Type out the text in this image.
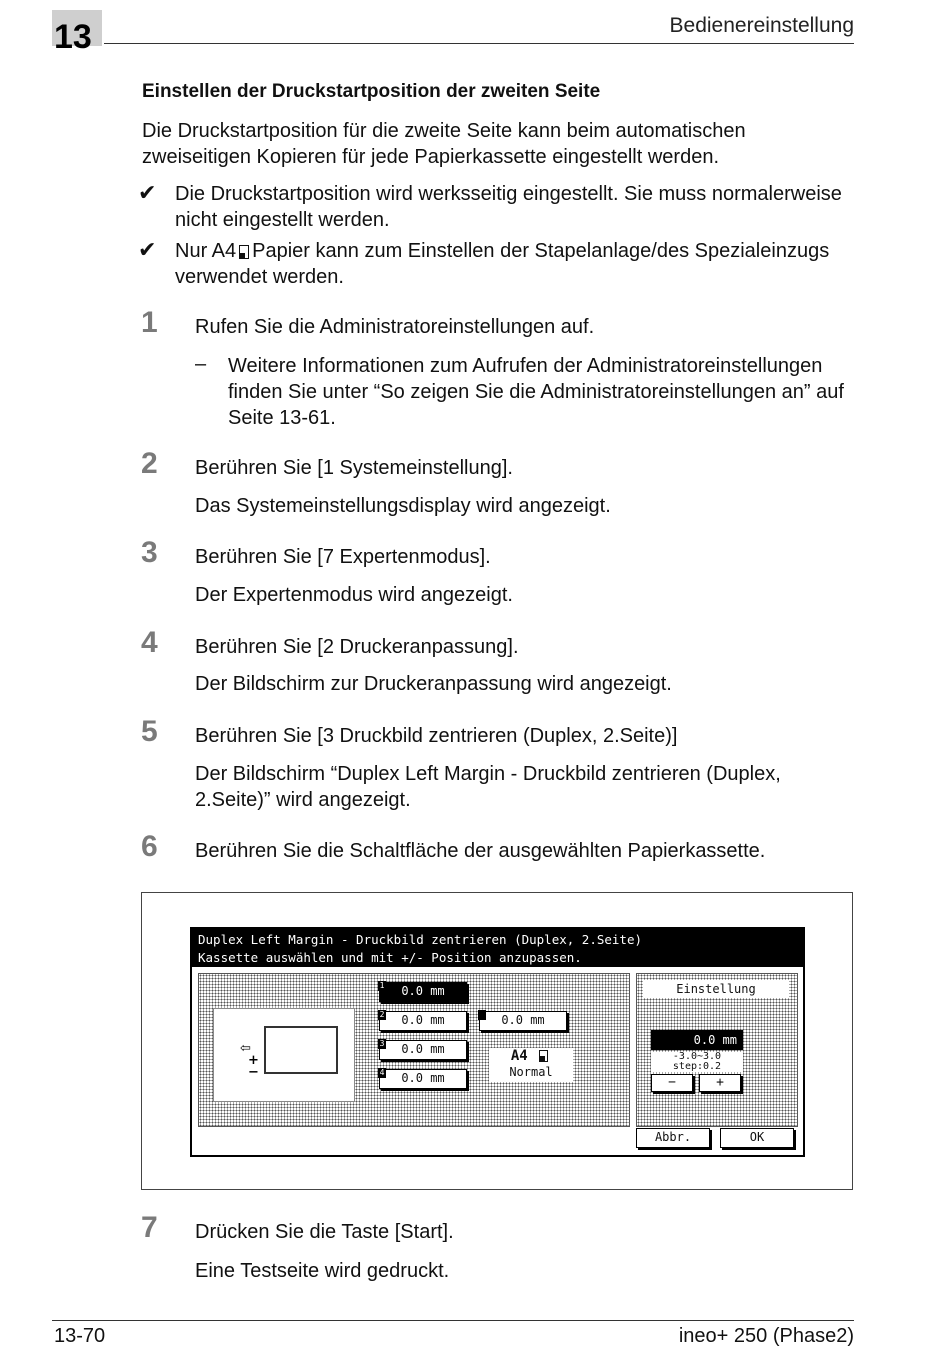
13	Bedienereinstellung
Einstellen der Druckstartposition der zweiten Seite
Die Druckstartposition für die zweite Seite kann beim automatischen zweiseitigen Kopieren für jede Papierkassette eingestellt werden.
✔ Die Druckstartposition wird werksseitig eingestellt. Sie muss normalerweise nicht eingestellt werden.
✔ Nur A4 Papier kann zum Einstellen der Stapelanlage/des Spezialeinzugs verwendet werden.
1 Rufen Sie die Administratoreinstellungen auf.
– Weitere Informationen zum Aufrufen der Administratoreinstellungen finden Sie unter “So zeigen Sie die Administratoreinstellungen an” auf Seite 13-61.
2 Berühren Sie [1 Systemeinstellung].
Das Systemeinstellungsdisplay wird angezeigt.
3 Berühren Sie [7 Expertenmodus].
Der Expertenmodus wird angezeigt.
4 Berühren Sie [2 Druckeranpassung].
Der Bildschirm zur Druckeranpassung wird angezeigt.
5 Berühren Sie [3 Druckbild zentrieren (Duplex, 2.Seite)]
Der Bildschirm “Duplex Left Margin - Druckbild zentrieren (Duplex, 2.Seite)” wird angezeigt.
6 Berühren Sie die Schaltfläche der ausgewählten Papierkassette.
Duplex Left Margin - Druckbild zentrieren (Duplex, 2.Seite)
Kassette auswählen und mit +/- Position anzupassen.
⇦
+
−
1 0.0 mm
2 0.0 mm
3 0.0 mm
4 0.0 mm
0.0 mm
A4
Normal
Einstellung
0.0 mm
-3.0~3.0
step:0.2
−	+
Abbr.	OK
7 Drücken Sie die Taste [Start].
Eine Testseite wird gedruckt.
13-70	ineo+ 250 (Phase2)
